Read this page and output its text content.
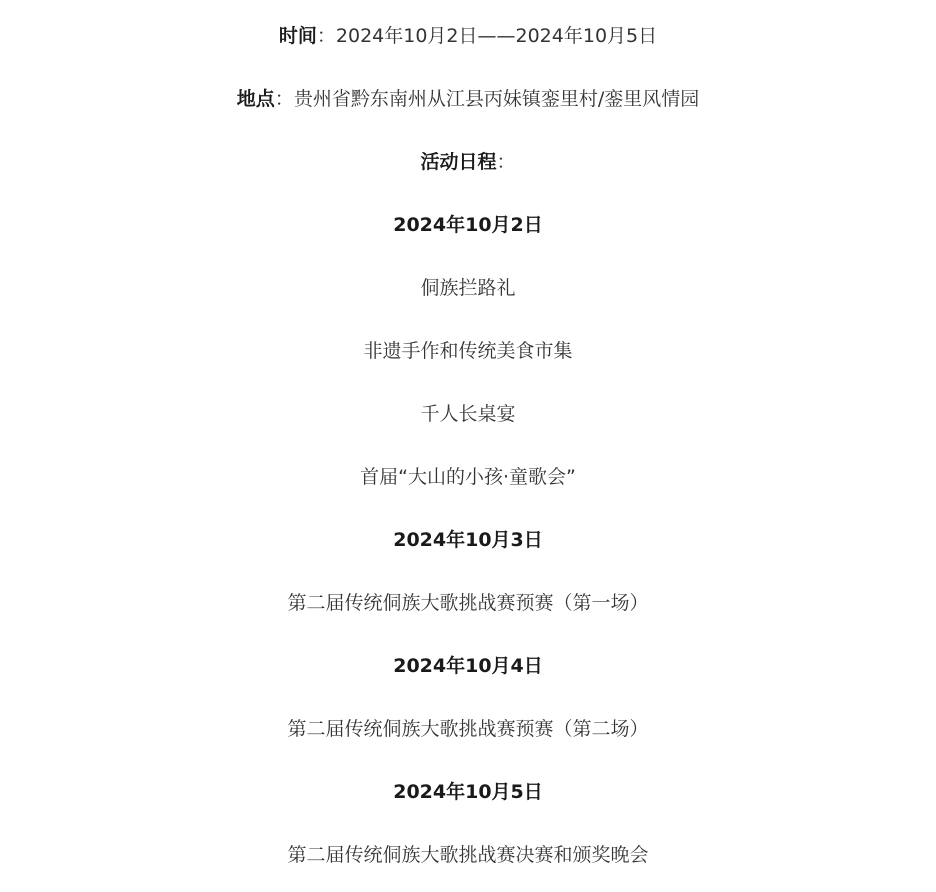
时间：2024年10月2日——2024年10月5日

地点：贵州省黔东南州从江县丙妹镇銮里村/銮里风情园

活动日程：

2024年10月2日

侗族拦路礼

非遗手作和传统美食市集

千人长桌宴

首届“大山的小孩·童歌会”

2024年10月3日

第二届传统侗族大歌挑战赛预赛（第一场）

2024年10月4日

第二届传统侗族大歌挑战赛预赛（第二场）

2024年10月5日

第二届传统侗族大歌挑战赛决赛和颁奖晚会
